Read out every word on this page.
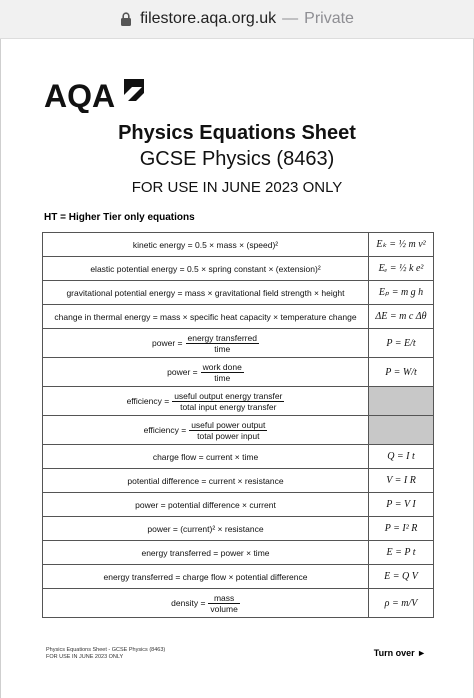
filestore.aqa.org.uk — Private
AQA
Physics Equations Sheet
GCSE Physics (8463)
FOR USE IN JUNE 2023 ONLY
HT = Higher Tier only equations
kinetic energy = 0.5 × mass × (speed)²	Eₖ = ½ m v²
elastic potential energy = 0.5 × spring constant × (extension)²	Eₑ = ½ k e²
gravitational potential energy = mass × gravitational field strength × height	Eₚ = m g h
change in thermal energy = mass × specific heat capacity × temperature change	ΔE = m c Δθ
power = $\frac{\text{energy transferred}}{\text{time}}$	P = E/t
power = $\frac{\text{work done}}{\text{time}}$	P = W/t
efficiency = $\frac{\text{useful output energy transfer}}{\text{total input energy transfer}}$

efficiency = $\frac{\text{useful power output}}{\text{total power input}}$

charge flow = current × time	Q = I t
potential difference = current × resistance	V = I R
power = potential difference × current	P = V I
power = (current)² × resistance	P = I² R
energy transferred = power × time	E = P t
energy transferred = charge flow × potential difference	E = Q V
density = $\frac{\text{mass}}{\text{volume}}$	ρ = m/V
Physics Equations Sheet - GCSE Physics (8463)
FOR USE IN JUNE 2023 ONLY	Turn over ►
